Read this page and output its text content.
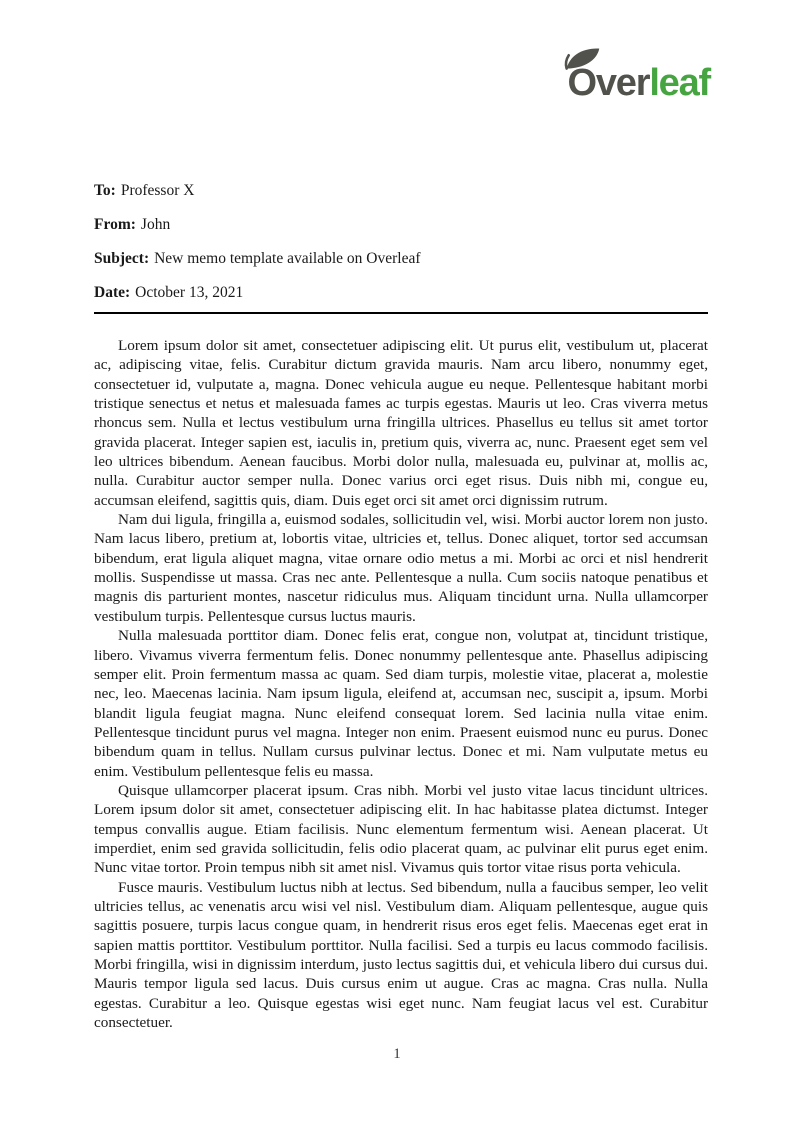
Overleaf

To: Professor X

From: John

Subject: New memo template available on Overleaf

Date: October 13, 2021

Lorem ipsum dolor sit amet, consectetuer adipiscing elit. Ut purus elit, vestibulum ut, placerat ac, adipiscing vitae, felis. Curabitur dictum gravida mauris. Nam arcu libero, nonummy eget, consectetuer id, vulputate a, magna. Donec vehicula augue eu neque. Pellentesque habitant morbi tristique senectus et netus et malesuada fames ac turpis egestas. Mauris ut leo. Cras viverra metus rhoncus sem. Nulla et lectus vestibulum urna fringilla ultrices. Phasellus eu tellus sit amet tortor gravida placerat. Integer sapien est, iaculis in, pretium quis, viverra ac, nunc. Praesent eget sem vel leo ultrices bibendum. Aenean faucibus. Morbi dolor nulla, malesuada eu, pulvinar at, mollis ac, nulla. Curabitur auctor semper nulla. Donec varius orci eget risus. Duis nibh mi, congue eu, accumsan eleifend, sagittis quis, diam. Duis eget orci sit amet orci dignissim rutrum.

Nam dui ligula, fringilla a, euismod sodales, sollicitudin vel, wisi. Morbi auctor lorem non justo. Nam lacus libero, pretium at, lobortis vitae, ultricies et, tellus. Donec aliquet, tortor sed accumsan bibendum, erat ligula aliquet magna, vitae ornare odio metus a mi. Morbi ac orci et nisl hendrerit mollis. Suspendisse ut massa. Cras nec ante. Pellentesque a nulla. Cum sociis natoque penatibus et magnis dis parturient montes, nascetur ridiculus mus. Aliquam tincidunt urna. Nulla ullamcorper vestibulum turpis. Pellentesque cursus luctus mauris.

Nulla malesuada porttitor diam. Donec felis erat, congue non, volutpat at, tincidunt tristique, libero. Vivamus viverra fermentum felis. Donec nonummy pellentesque ante. Phasellus adipiscing semper elit. Proin fermentum massa ac quam. Sed diam turpis, molestie vitae, placerat a, molestie nec, leo. Maecenas lacinia. Nam ipsum ligula, eleifend at, accumsan nec, suscipit a, ipsum. Morbi blandit ligula feugiat magna. Nunc eleifend consequat lorem. Sed lacinia nulla vitae enim. Pellentesque tincidunt purus vel magna. Integer non enim. Praesent euismod nunc eu purus. Donec bibendum quam in tellus. Nullam cursus pulvinar lectus. Donec et mi. Nam vulputate metus eu enim. Vestibulum pellentesque felis eu massa.

Quisque ullamcorper placerat ipsum. Cras nibh. Morbi vel justo vitae lacus tincidunt ultrices. Lorem ipsum dolor sit amet, consectetuer adipiscing elit. In hac habitasse platea dictumst. Integer tempus convallis augue. Etiam facilisis. Nunc elementum fermentum wisi. Aenean placerat. Ut imperdiet, enim sed gravida sollicitudin, felis odio placerat quam, ac pulvinar elit purus eget enim. Nunc vitae tortor. Proin tempus nibh sit amet nisl. Vivamus quis tortor vitae risus porta vehicula.

Fusce mauris. Vestibulum luctus nibh at lectus. Sed bibendum, nulla a faucibus semper, leo velit ultricies tellus, ac venenatis arcu wisi vel nisl. Vestibulum diam. Aliquam pellentesque, augue quis sagittis posuere, turpis lacus congue quam, in hendrerit risus eros eget felis. Maecenas eget erat in sapien mattis porttitor. Vestibulum porttitor. Nulla facilisi. Sed a turpis eu lacus commodo facilisis. Morbi fringilla, wisi in dignissim interdum, justo lectus sagittis dui, et vehicula libero dui cursus dui. Mauris tempor ligula sed lacus. Duis cursus enim ut augue. Cras ac magna. Cras nulla. Nulla egestas. Curabitur a leo. Quisque egestas wisi eget nunc. Nam feugiat lacus vel est. Curabitur consectetuer.

1
